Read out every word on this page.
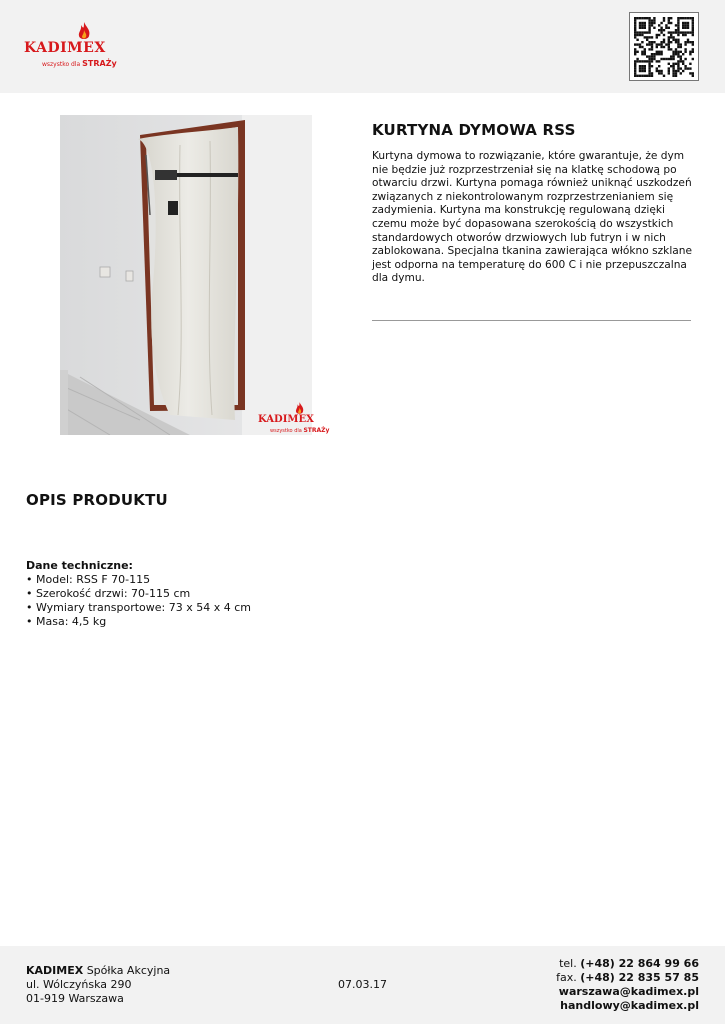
KADIMEX
wszystko dla STRAŻy
KADIMEX
wszystko dla STRAŻy
KURTYNA DYMOWA RSS
Kurtyna dymowa to rozwiązanie, które gwarantuje, że dym nie będzie już rozprzestrzeniał się na klatkę schodową po otwarciu drzwi. Kurtyna pomaga również uniknąć uszkodzeń związanych z niekontrolowanym rozprzestrzenianiem się zadymienia. Kurtyna ma konstrukcję regulowaną dzięki czemu może być dopasowana szerokością do wszystkich standardowych otworów drzwiowych lub futryn i w nich zablokowana. Specjalna tkanina zawierająca włókno szklane jest odporna na temperaturę do 600 C i nie przepuszczalna dla dymu.
OPIS PRODUKTU
Dane techniczne:
• Model: RSS F 70-115
• Szerokość drzwi: 70-115 cm
• Wymiary transportowe: 73 x 54 x 4 cm
• Masa: 4,5 kg
KADIMEX Spółka Akcyjna
ul. Wólczyńska 290
01-919 Warszawa
07.03.17
tel. (+48) 22 864 99 66
fax. (+48) 22 835 57 85
warszawa@kadimex.pl
handlowy@kadimex.pl
